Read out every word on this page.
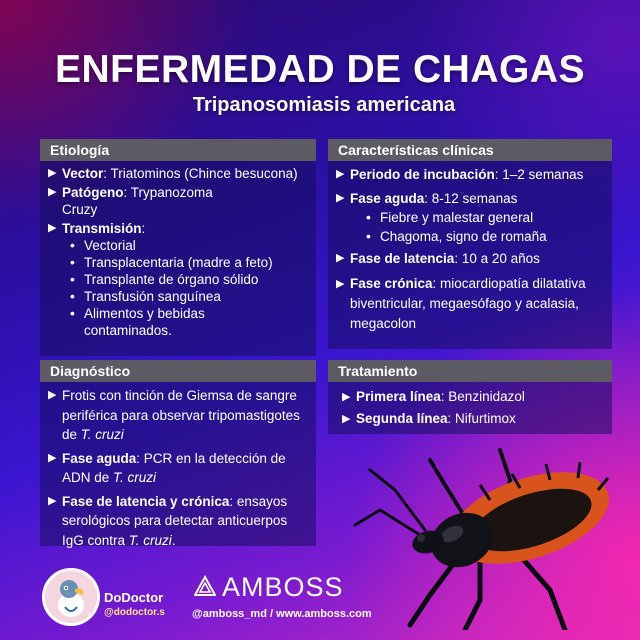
ENFERMEDAD DE CHAGAS
Tripanosomiasis americana
Etiología
▶ Vector: Triatominos (Chince besucona)
▶ Patógeno: Trypanozoma Cruzy
▶ Transmisión:
• Vectorial
• Transplacentaria (madre a feto)
• Transplante de órgano sólido
• Transfusión sanguínea
• Alimentos y bebidas contaminados.
Características clínicas
▶ Periodo de incubación: 1–2 semanas
▶ Fase aguda: 8-12 semanas
• Fiebre y malestar general
• Chagoma, signo de romaña
▶ Fase de latencia: 10 a 20 años
▶ Fase crónica: miocardiopatía dilatativa biventricular, megaesófago y acalasia, megacolon
Diagnóstico
▶ Frotis con tinción de Giemsa de sangre periférica para observar tripomastigotes de T. cruzi
▶ Fase aguda: PCR en la detección de ADN de T. cruzi
▶ Fase de latencia y crónica: ensayos serológicos para detectar anticuerpos IgG contra T. cruzi.
Tratamiento
▶ Primera línea: Benzinidazol
▶ Segunda línea: Nifurtimox
DoDoctor
@dodoctor.s
AMBOSS
@amboss_md / www.amboss.com
